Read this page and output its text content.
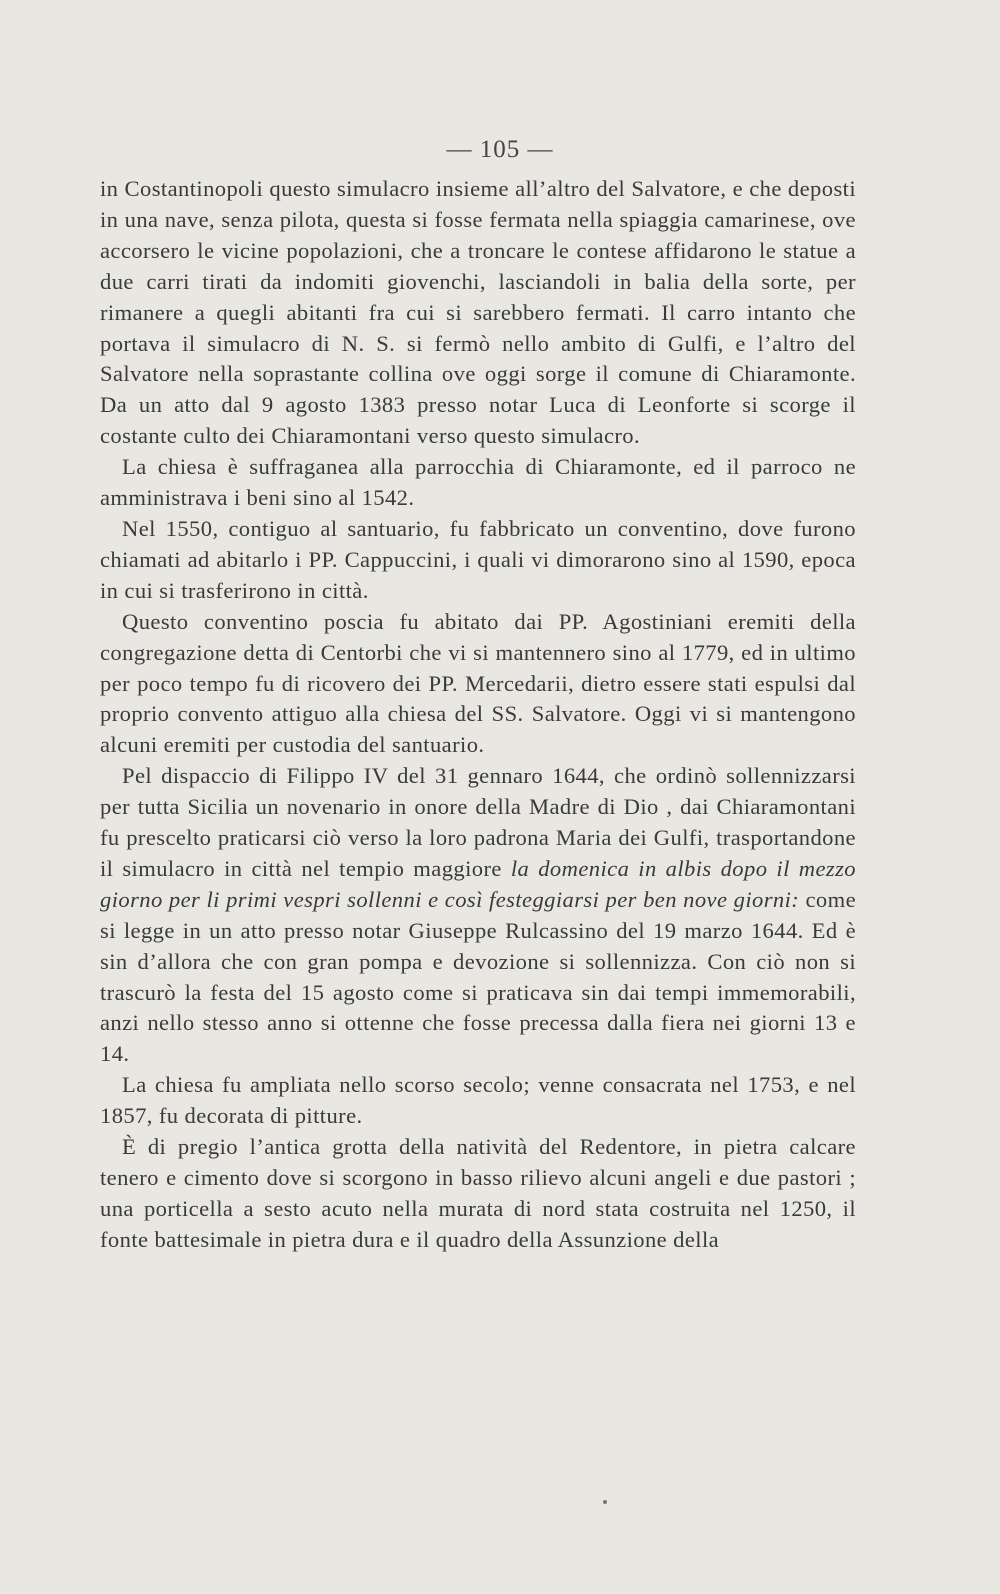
— 105 —

in Costantinopoli questo simulacro insieme all’altro del Salvatore, e che deposti in una nave, senza pilota, questa si fosse fermata nella spiaggia camarinese, ove accorsero le vicine popolazioni, che a troncare le contese affidarono le statue a due carri tirati da indomiti giovenchi, lasciandoli in balia della sorte, per rimanere a quegli abitanti fra cui si sarebbero fermati. Il carro intanto che portava il simulacro di N. S. si fermò nello ambito di Gulfi, e l’altro del Salvatore nella soprastante collina ove oggi sorge il comune di Chiaramonte. Da un atto dal 9 agosto 1383 presso notar Luca di Leonforte si scorge il costante culto dei Chiaramontani verso questo simulacro.

La chiesa è suffraganea alla parrocchia di Chiaramonte, ed il parroco ne amministrava i beni sino al 1542.

Nel 1550, contiguo al santuario, fu fabbricato un conventino, dove furono chiamati ad abitarlo i PP. Cappuccini, i quali vi dimorarono sino al 1590, epoca in cui si trasferirono in città.

Questo conventino poscia fu abitato dai PP. Agostiniani eremiti della congregazione detta di Centorbi che vi si mantennero sino al 1779, ed in ultimo per poco tempo fu di ricovero dei PP. Mercedarii, dietro essere stati espulsi dal proprio convento attiguo alla chiesa del SS. Salvatore. Oggi vi si mantengono alcuni eremiti per custodia del santuario.

Pel dispaccio di Filippo IV del 31 gennaro 1644, che ordinò sollennizzarsi per tutta Sicilia un novenario in onore della Madre di Dio , dai Chiaramontani fu prescelto praticarsi ciò verso la loro padrona Maria dei Gulfi, trasportandone il simulacro in città nel tempio maggiore la domenica in albis dopo il mezzo giorno per li primi vespri sollenni e così festeggiarsi per ben nove giorni: come si legge in un atto presso notar Giuseppe Rulcassino del 19 marzo 1644. Ed è sin d’allora che con gran pompa e devozione si sollennizza. Con ciò non si trascurò la festa del 15 agosto come si praticava sin dai tempi immemorabili, anzi nello stesso anno si ottenne che fosse precessa dalla fiera nei giorni 13 e 14.

La chiesa fu ampliata nello scorso secolo; venne consacrata nel 1753, e nel 1857, fu decorata di pitture.

È di pregio l’antica grotta della natività del Redentore, in pietra calcare tenero e cimento dove si scorgono in basso rilievo alcuni angeli e due pastori ; una porticella a sesto acuto nella murata di nord stata costruita nel 1250, il fonte battesimale in pietra dura e il quadro della Assunzione della
